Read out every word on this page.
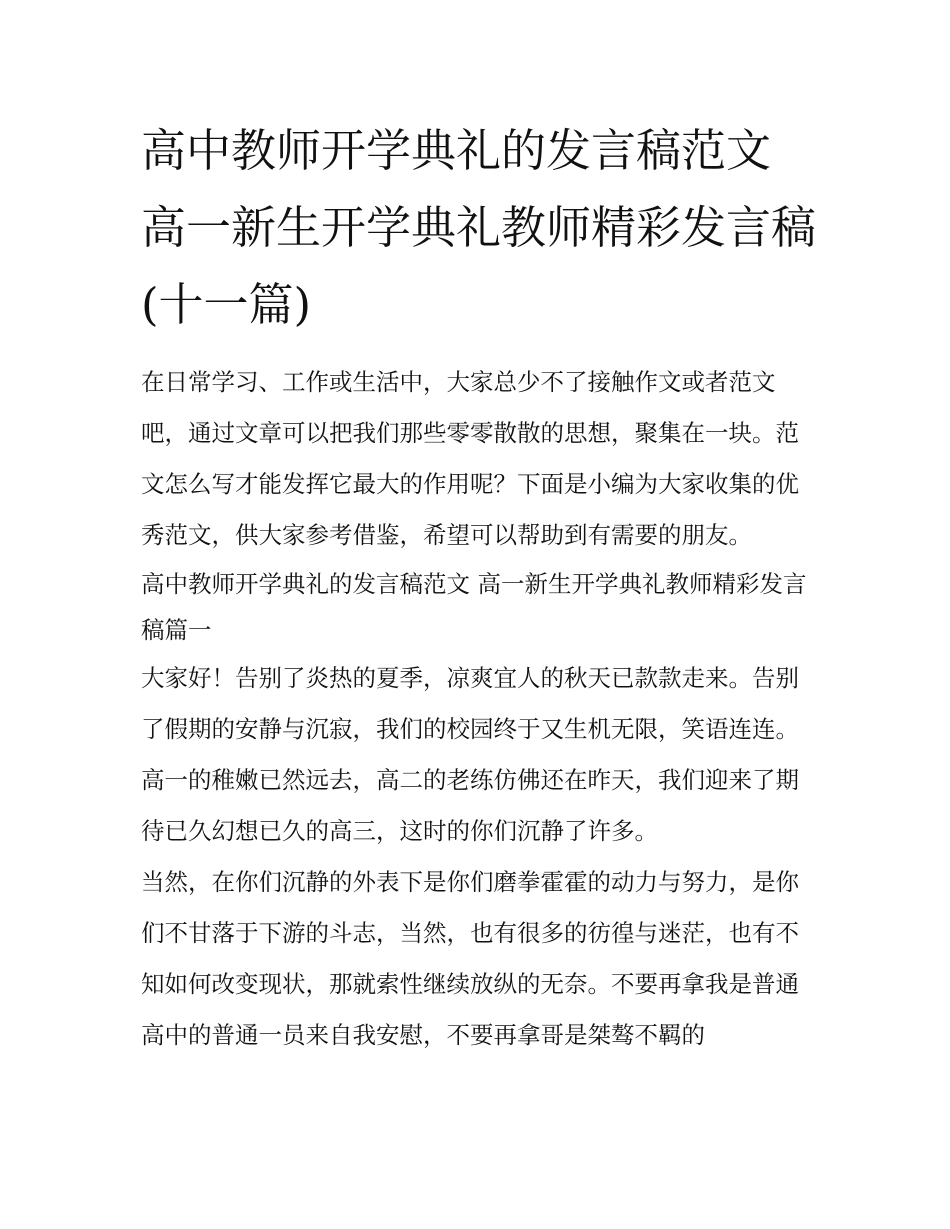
高中教师开学典礼的发言稿范文 高一新生开学典礼教师精彩发言稿(十一篇)

在日常学习、工作或生活中，大家总少不了接触作文或者范文吧，通过文章可以把我们那些零零散散的思想，聚集在一块。范文怎么写才能发挥它最大的作用呢？下面是小编为大家收集的优秀范文，供大家参考借鉴，希望可以帮助到有需要的朋友。

高中教师开学典礼的发言稿范文 高一新生开学典礼教师精彩发言稿篇一

大家好！告别了炎热的夏季，凉爽宜人的秋天已款款走来。告别了假期的安静与沉寂，我们的校园终于又生机无限，笑语连连。高一的稚嫩已然远去，高二的老练仿佛还在昨天，我们迎来了期待已久幻想已久的高三，这时的你们沉静了许多。

当然，在你们沉静的外表下是你们磨拳霍霍的动力与努力，是你们不甘落于下游的斗志，当然，也有很多的彷徨与迷茫，也有不知如何改变现状，那就索性继续放纵的无奈。不要再拿我是普通高中的普通一员来自我安慰，不要再拿哥是桀骜不羁的
